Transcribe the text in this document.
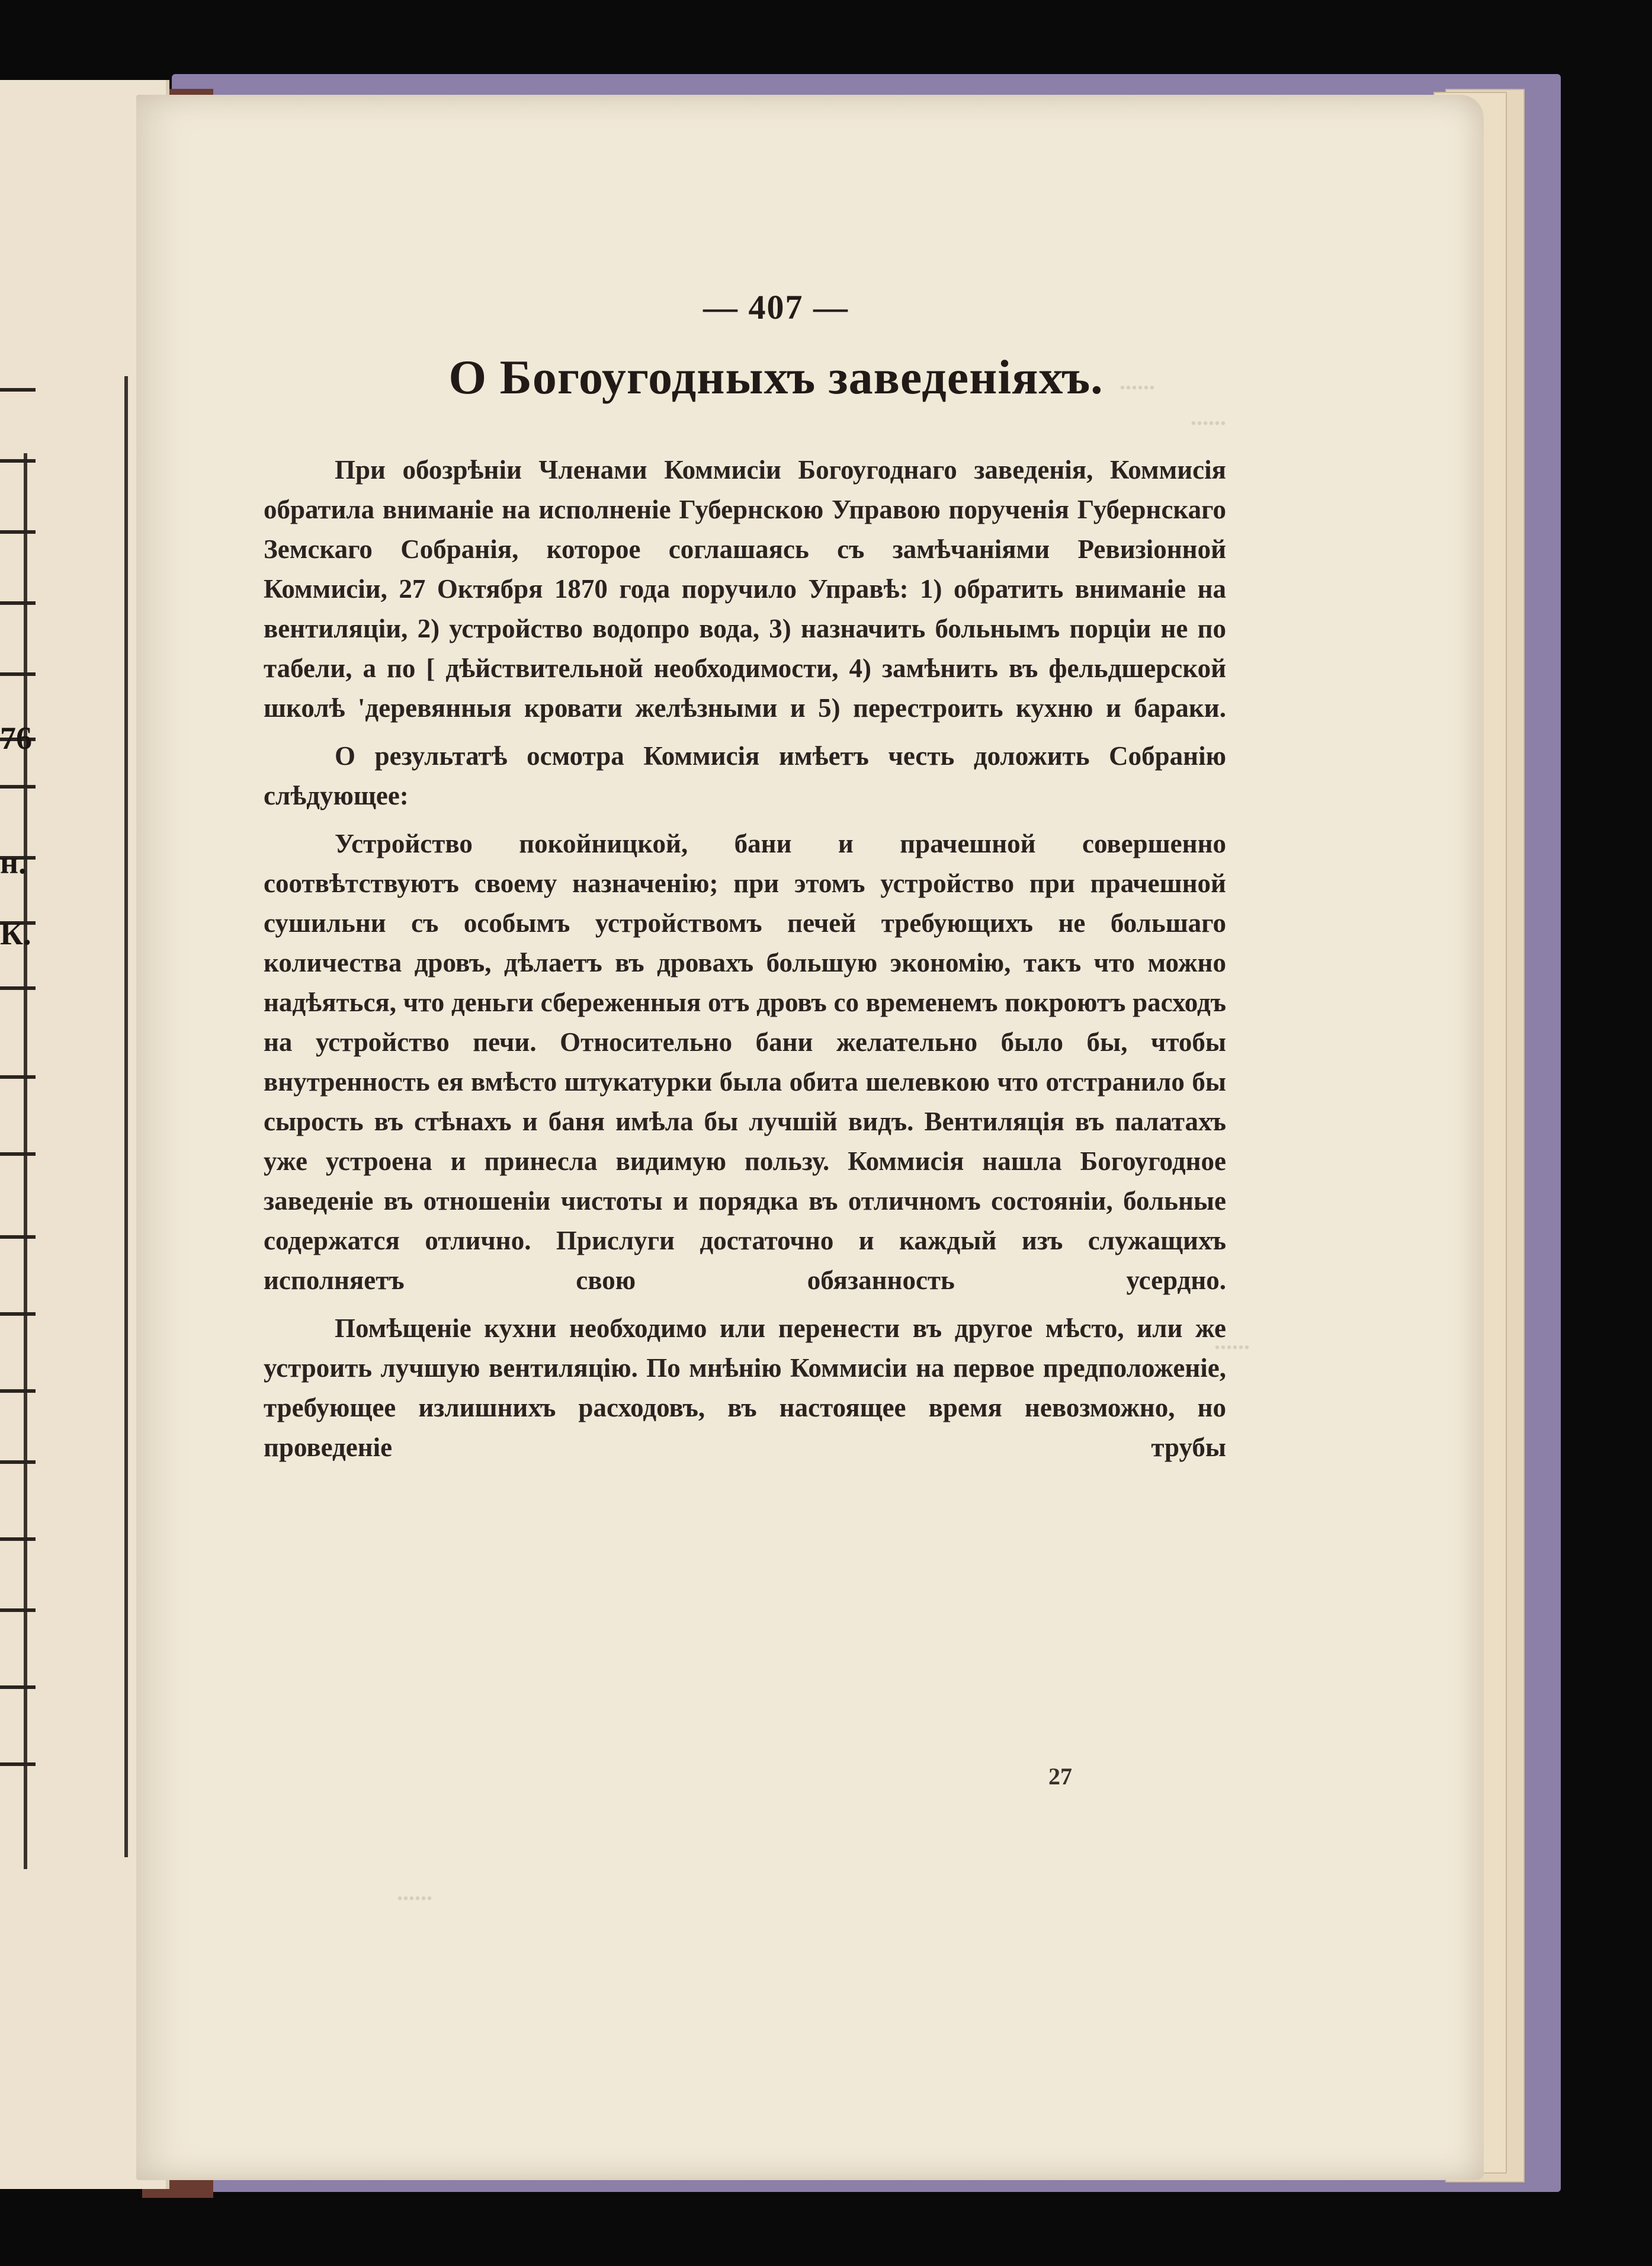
76
н.
К.
......
......
......
......
— 407 —
О Богоугодныхъ заведеніяхъ.

При обозрѣніи Членами Коммисіи Богоугоднаго заведенія, Коммисія обратила вниманіе на исполненіе Губернскою Управою порученія Губернскаго Земскаго Собранія, которое соглашаясь съ замѣчаніями Ревизіонной Коммисіи, 27 Октября 1870 года поручило Управѣ: 1) обратить вниманіе на вентиляціи, 2) устройство водопро вода, 3) назначить больнымъ порціи не по табели, а по [ дѣйствительной необходимости, 4) замѣнить въ фельдшерской школѣ 'деревянныя кровати желѣзными и 5) перестроить кухню и бараки.

О результатѣ осмотра Коммисія имѣетъ честь доложить Собранію слѣдующее:

Устройство покойницкой, бани и прачешной совершенно соотвѣтствуютъ своему назначенію; при этомъ устройство при прачешной сушильни съ особымъ устройствомъ печей требующихъ не большаго количества дровъ, дѣлаетъ въ дровахъ большую экономію, такъ что можно надѣяться, что деньги сбереженныя отъ дровъ со временемъ покроютъ расходъ на устройство печи. Относительно бани желательно было бы, чтобы внутренность ея вмѣсто штукатурки была обита шелевкою что отстранило бы сырость въ стѣнахъ и баня имѣла бы лучшій видъ. Вентиляція въ палатахъ уже устроена и принесла видимую пользу. Коммисія нашла Богоугодное заведеніе въ отношеніи чистоты и порядка въ отличномъ состояніи, больные содержатся отлично. Прислуги достаточно и каждый изъ служащихъ исполняетъ свою обязанность усердно.

Помѣщеніе кухни необходимо или перенести въ другое мѣсто, или же устроить лучшую вентиляцію. По мнѣнію Коммисіи на первое предположеніе, требующее излишнихъ расходовъ, въ настоящее время невозможно, но проведеніе трубы

27
